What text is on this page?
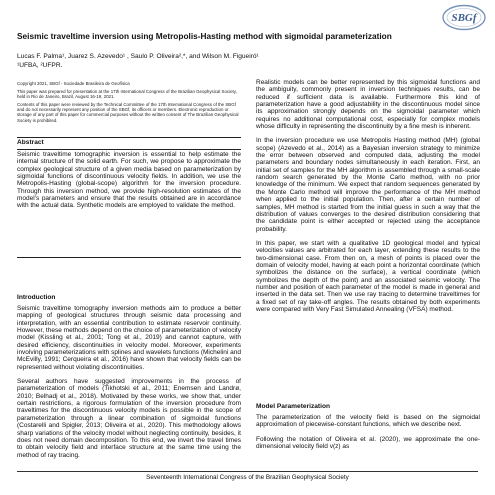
SBGf
Seismic traveltime inversion using Metropolis-Hasting method with sigmoidal parameterization
Lucas F. Palma¹, Juarez S. Azevedo¹ , Saulo P. Oliveira²,*, and Wilson M. Figueiró¹
¹UFBA, ²UFPR.

Copyright 2021, SBGf - Sociedade Brasileira de Geofísica

This paper was prepared for presentation at the 17th International Congress of the Brazilian Geophysical Society, held in Rio de Janeiro, Brazil, August 16-19, 2021.

Contents of this paper were reviewed by the Technical Committee of the 17th International Congress of the SBGf and do not necessarily represent any position of the SBGf, its officers or members. Electronic reproduction or storage of any part of this paper for commercial purposes without the written consent of The Brazilian Geophysical Society is prohibited.

Abstract
Seismic traveltime tomographic inversion is essential to help estimate the internal structure of the solid earth. For such, we propose to approximate the complex geological structure of a given media based on parameterization by sigmoidal functions of discontinuous velocity fields. In addition, we use the Metropolis-Hasting (global-scope) algorithm for the inversion procedure. Through this inversion method, we provide high-resolution estimates of the model's parameters and ensure that the results obtained are in accordance with the actual data. Synthetic models are employed to validate the method.
Introduction

Seismic traveltime tomography inversion methods aim to produce a better mapping of geological structures through seismic data processing and interpretation, with an essential contribution to estimate reservoir continuity. However, these methods depend on the choice of parameterization of velocity model (Kissling et al., 2001; Tong et al., 2019) and cannot capture, with desired efficiency, discontinuities in velocity model. Moreover, experiments involving parameterizations with splines and wavelets functions (Michelini and McEvilly, 1991; Cerqueira et al., 2016) have shown that velocity fields can be represented without violating discontinuities.

Several authors have suggested improvements in the process of parameterization of models (Tikhotski et al., 2011; Enemsen and Landrø, 2010; Belhadj et al., 2018). Motivated by these works, we show that, under certain restrictions, a rigorous formulation of the inversion procedure from traveltimes for the discontinuous velocity models is possible in the scope of parameterization through a linear combination of sigmoidal functions (Costarelli and Spigler, 2013; Oliveira et al., 2020). This methodology allows sharp variations of the velocity model without neglecting continuity, besides, it does not need domain decomposition. To this end, we invert the travel times to obtain velocity field and interface structure at the same time using the method of ray tracing.

Realistic models can be better represented by this sigmoidal functions and the ambiguity, commonly present in inversion techniques results, can be reduced if sufficient data is available. Furthermore this kind of parameterization have a good adjustability in the discontinuous model since its approximation strongly depends on the sigmoidal parameter which requires no additional computational cost, especially for complex models whose difficulty in representing the discontinuity by a fine mesh is inherent.

In the inversion procedure we use Metropolis Hasting method (MH) (global scope) (Azevedo et al., 2014) as a Bayesian inversion strategy to minimize the error between observed and computed data, adjusting the model parameters and boundary nodes simultaneously in each iteration. First, an initial set of samples for the MH algorithm is assembled through a small-scale random search generated by the Monte Carlo method, with no prior knowledge of the minimum. We expect that random sequences generated by the Monte Carlo method will improve the performance of the MH method when applied to the initial population. Then, after a certain number of samples, MH method is started from the initial guess in such a way that the distribution of values converges to the desired distribution considering that the candidate point is either accepted or rejected using the acceptance probability.

In this paper, we start with a qualitative 1D geological model and typical velocities values are arbitrated for each layer, extending these results to the two-dimensional case. From then on, a mesh of points is placed over the domain of velocity model, having at each point a horizontal coordinate (which symbolizes the distance on the surface), a vertical coordinate (which symbolizes the depth of the point) and an associated seismic velocity. The number and position of each parameter of the model is made in general and inserted in the data set. Then we use ray tracing to determine traveltimes for a fixed set of ray take-off angles. The results obtained by both experiments were compared with Very Fast Simulated Annealing (VFSA) method.

Model Parameterization

The parameterization of the velocity field is based on the sigmoidal approximation of piecewise-constant functions, which we describe next.

Following the notation of Oliveira et al. (2020), we approximate the one-dimensional velocity field v(z) as

Seventeenth International Congress of the Brazilian Geophysical Society
